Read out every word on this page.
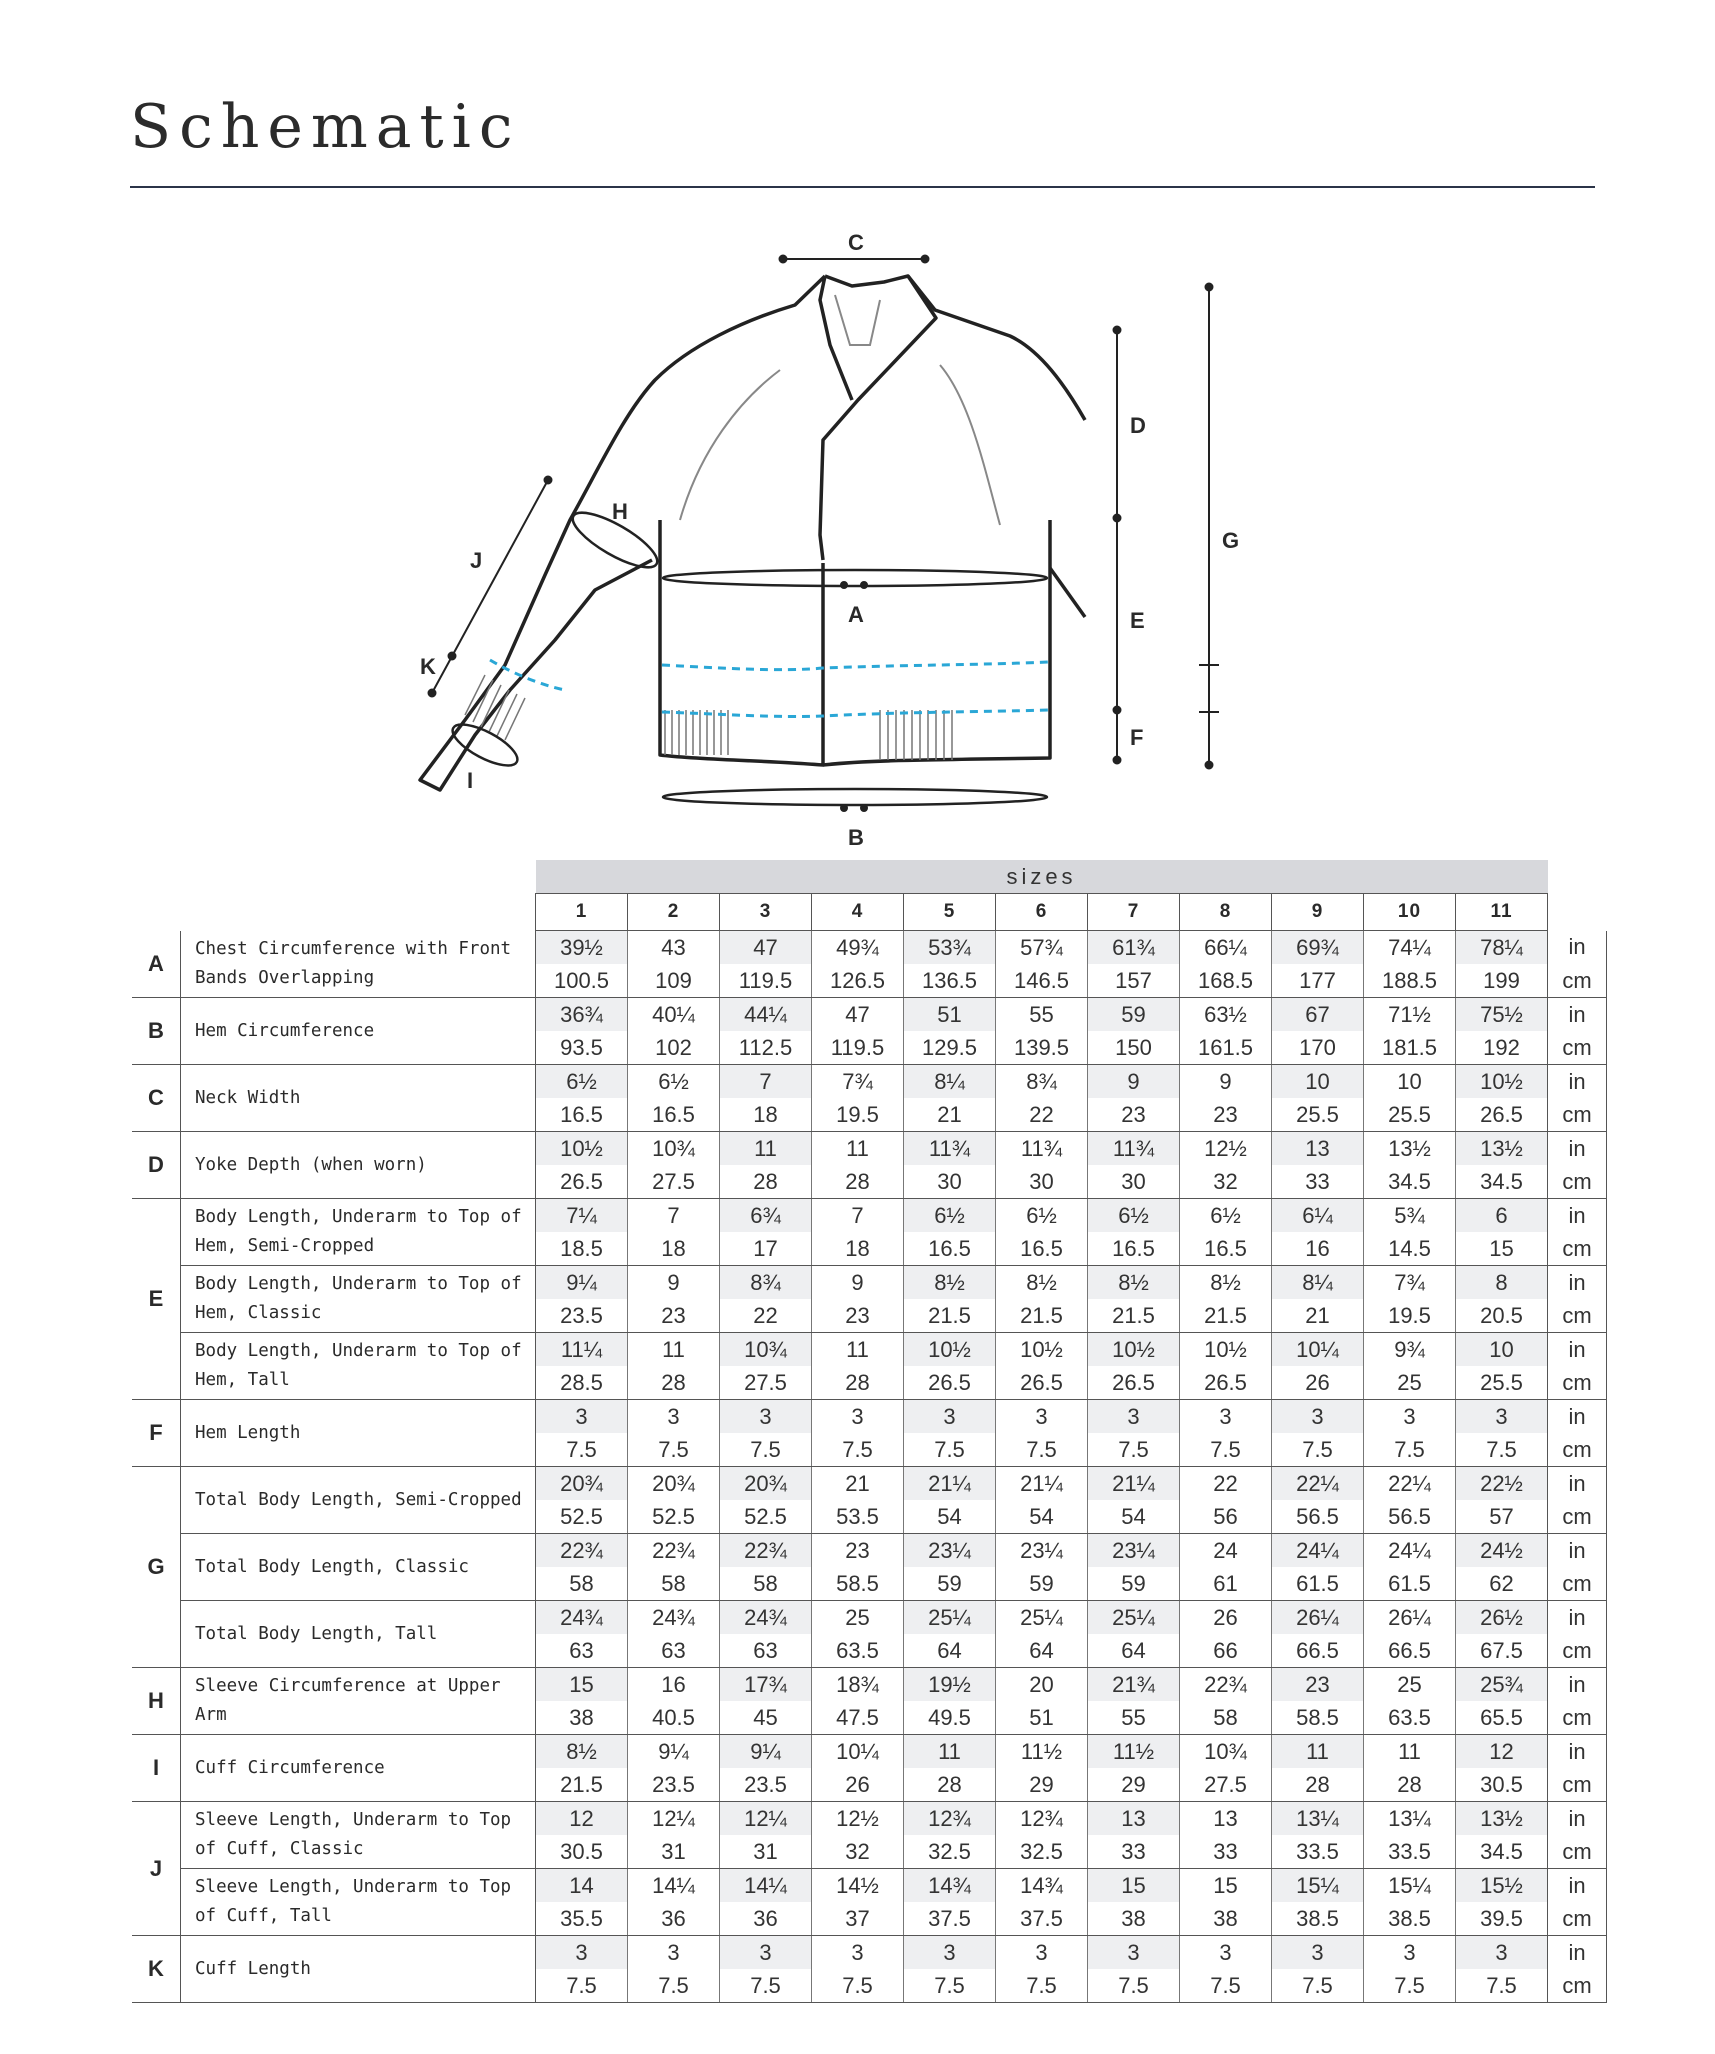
Schematic
C
D
G
E
F
A
B
H
J
K
I
		sizes											
		1	2	3	4	5	6	7	8	9	10	11	
A	Chest Circumference with Front Bands Overlapping	39½	43	47	49¾	53¾	57¾	61¾	66¼	69¾	74¼	78¼	in
		100.5	109	119.5	126.5	136.5	146.5	157	168.5	177	188.5	199	cm
B	Hem Circumference	36¾	40¼	44¼	47	51	55	59	63½	67	71½	75½	in
		93.5	102	112.5	119.5	129.5	139.5	150	161.5	170	181.5	192	cm
C	Neck Width	6½	6½	7	7¾	8¼	8¾	9	9	10	10	10½	in
		16.5	16.5	18	19.5	21	22	23	23	25.5	25.5	26.5	cm
D	Yoke Depth (when worn)	10½	10¾	11	11	11¾	11¾	11¾	12½	13	13½	13½	in
		26.5	27.5	28	28	30	30	30	32	33	34.5	34.5	cm
E	Body Length, Underarm to Top of Hem, Semi-Cropped	7¼	7	6¾	7	6½	6½	6½	6½	6¼	5¾	6	in
		18.5	18	17	18	16.5	16.5	16.5	16.5	16	14.5	15	cm
	Body Length, Underarm to Top of Hem, Classic	9¼	9	8¾	9	8½	8½	8½	8½	8¼	7¾	8	in
		23.5	23	22	23	21.5	21.5	21.5	21.5	21	19.5	20.5	cm
	Body Length, Underarm to Top of Hem, Tall	11¼	11	10¾	11	10½	10½	10½	10½	10¼	9¾	10	in
		28.5	28	27.5	28	26.5	26.5	26.5	26.5	26	25	25.5	cm
F	Hem Length	3	3	3	3	3	3	3	3	3	3	3	in
		7.5	7.5	7.5	7.5	7.5	7.5	7.5	7.5	7.5	7.5	7.5	cm
G	Total Body Length, Semi-Cropped	20¾	20¾	20¾	21	21¼	21¼	21¼	22	22¼	22¼	22½	in
		52.5	52.5	52.5	53.5	54	54	54	56	56.5	56.5	57	cm
	Total Body Length, Classic	22¾	22¾	22¾	23	23¼	23¼	23¼	24	24¼	24¼	24½	in
		58	58	58	58.5	59	59	59	61	61.5	61.5	62	cm
	Total Body Length, Tall	24¾	24¾	24¾	25	25¼	25¼	25¼	26	26¼	26¼	26½	in
		63	63	63	63.5	64	64	64	66	66.5	66.5	67.5	cm
H	Sleeve Circumference at Upper Arm	15	16	17¾	18¾	19½	20	21¾	22¾	23	25	25¾	in
		38	40.5	45	47.5	49.5	51	55	58	58.5	63.5	65.5	cm
I	Cuff Circumference	8½	9¼	9¼	10¼	11	11½	11½	10¾	11	11	12	in
		21.5	23.5	23.5	26	28	29	29	27.5	28	28	30.5	cm
J	Sleeve Length, Underarm to Top of Cuff, Classic	12	12¼	12¼	12½	12¾	12¾	13	13	13¼	13¼	13½	in
		30.5	31	31	32	32.5	32.5	33	33	33.5	33.5	34.5	cm
	Sleeve Length, Underarm to Top of Cuff, Tall	14	14¼	14¼	14½	14¾	14¾	15	15	15¼	15¼	15½	in
		35.5	36	36	37	37.5	37.5	38	38	38.5	38.5	39.5	cm
K	Cuff Length	3	3	3	3	3	3	3	3	3	3	3	in
		7.5	7.5	7.5	7.5	7.5	7.5	7.5	7.5	7.5	7.5	7.5	cm
